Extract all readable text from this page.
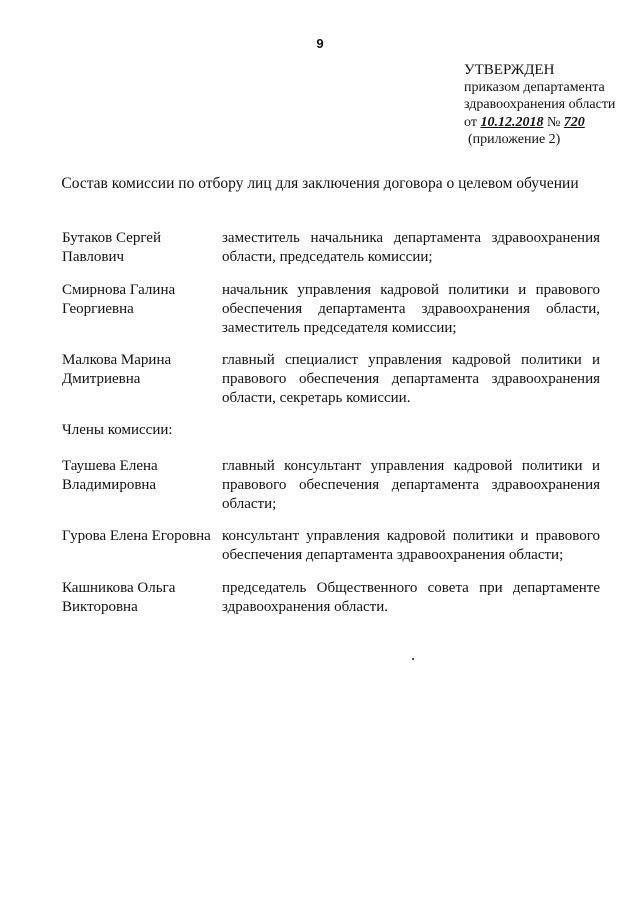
9
УТВЕРЖДЕН
приказом департамента
здравоохранения области
от 10.12.2018 № 720
(приложение 2)
Состав комиссии по отбору лиц для заключения договора о целевом обучении
Бутаков Сергей Павлович
заместитель начальника департамента здравоохранения области, председатель комиссии;
Смирнова Галина Георгиевна
начальник управления кадровой политики и правового обеспечения департамента здравоохранения области, заместитель председателя комиссии;
Малкова Марина Дмитриевна
главный специалист управления кадровой политики и правового обеспечения департамента здравоохранения области, секретарь комиссии.
Члены комиссии:
Таушева Елена Владимировна
главный консультант управления кадровой политики и правового обеспечения департамента здравоохранения области;
Гурова Елена Егоровна консультант управления кадровой политики и правового обеспечения департамента здравоохранения области;
Кашникова Ольга Викторовна
председатель Общественного совета при департаменте здравоохранения области.
